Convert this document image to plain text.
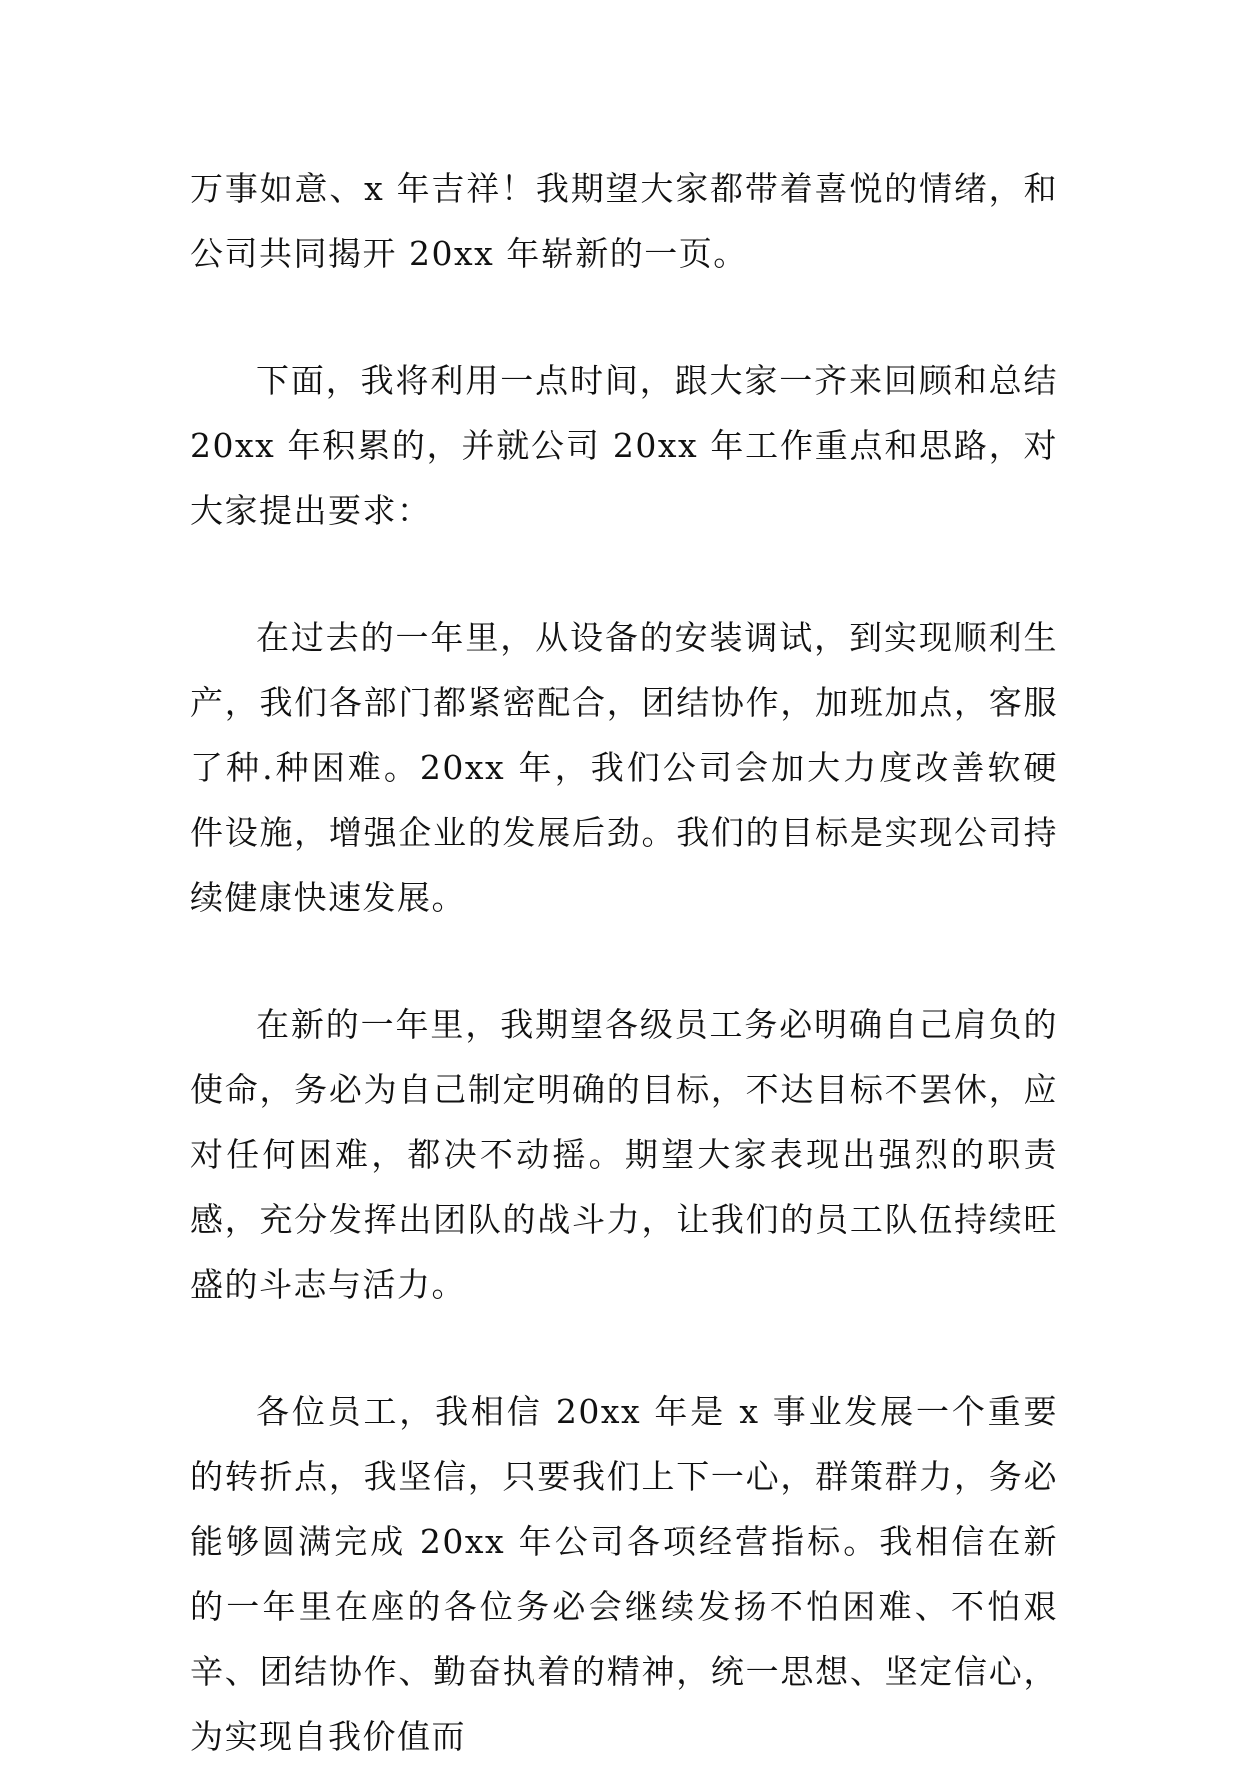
万事如意、x 年吉祥！我期望大家都带着喜悦的情绪，和公司共同揭开 20xx 年崭新的一页。

下面，我将利用一点时间，跟大家一齐来回顾和总结 20xx 年积累的，并就公司 20xx 年工作重点和思路，对大家提出要求：

在过去的一年里，从设备的安装调试，到实现顺利生产，我们各部门都紧密配合，团结协作，加班加点，客服了种.种困难。20xx 年，我们公司会加大力度改善软硬件设施，增强企业的发展后劲。我们的目标是实现公司持续健康快速发展。

在新的一年里，我期望各级员工务必明确自己肩负的使命，务必为自己制定明确的目标，不达目标不罢休，应对任何困难，都决不动摇。期望大家表现出强烈的职责感，充分发挥出团队的战斗力，让我们的员工队伍持续旺盛的斗志与活力。

各位员工，我相信 20xx 年是 x 事业发展一个重要的转折点，我坚信，只要我们上下一心，群策群力，务必能够圆满完成 20xx 年公司各项经营指标。我相信在新的一年里在座的各位务必会继续发扬不怕困难、不怕艰辛、团结协作、勤奋执着的精神，统一思想、坚定信心，为实现自我价值而
